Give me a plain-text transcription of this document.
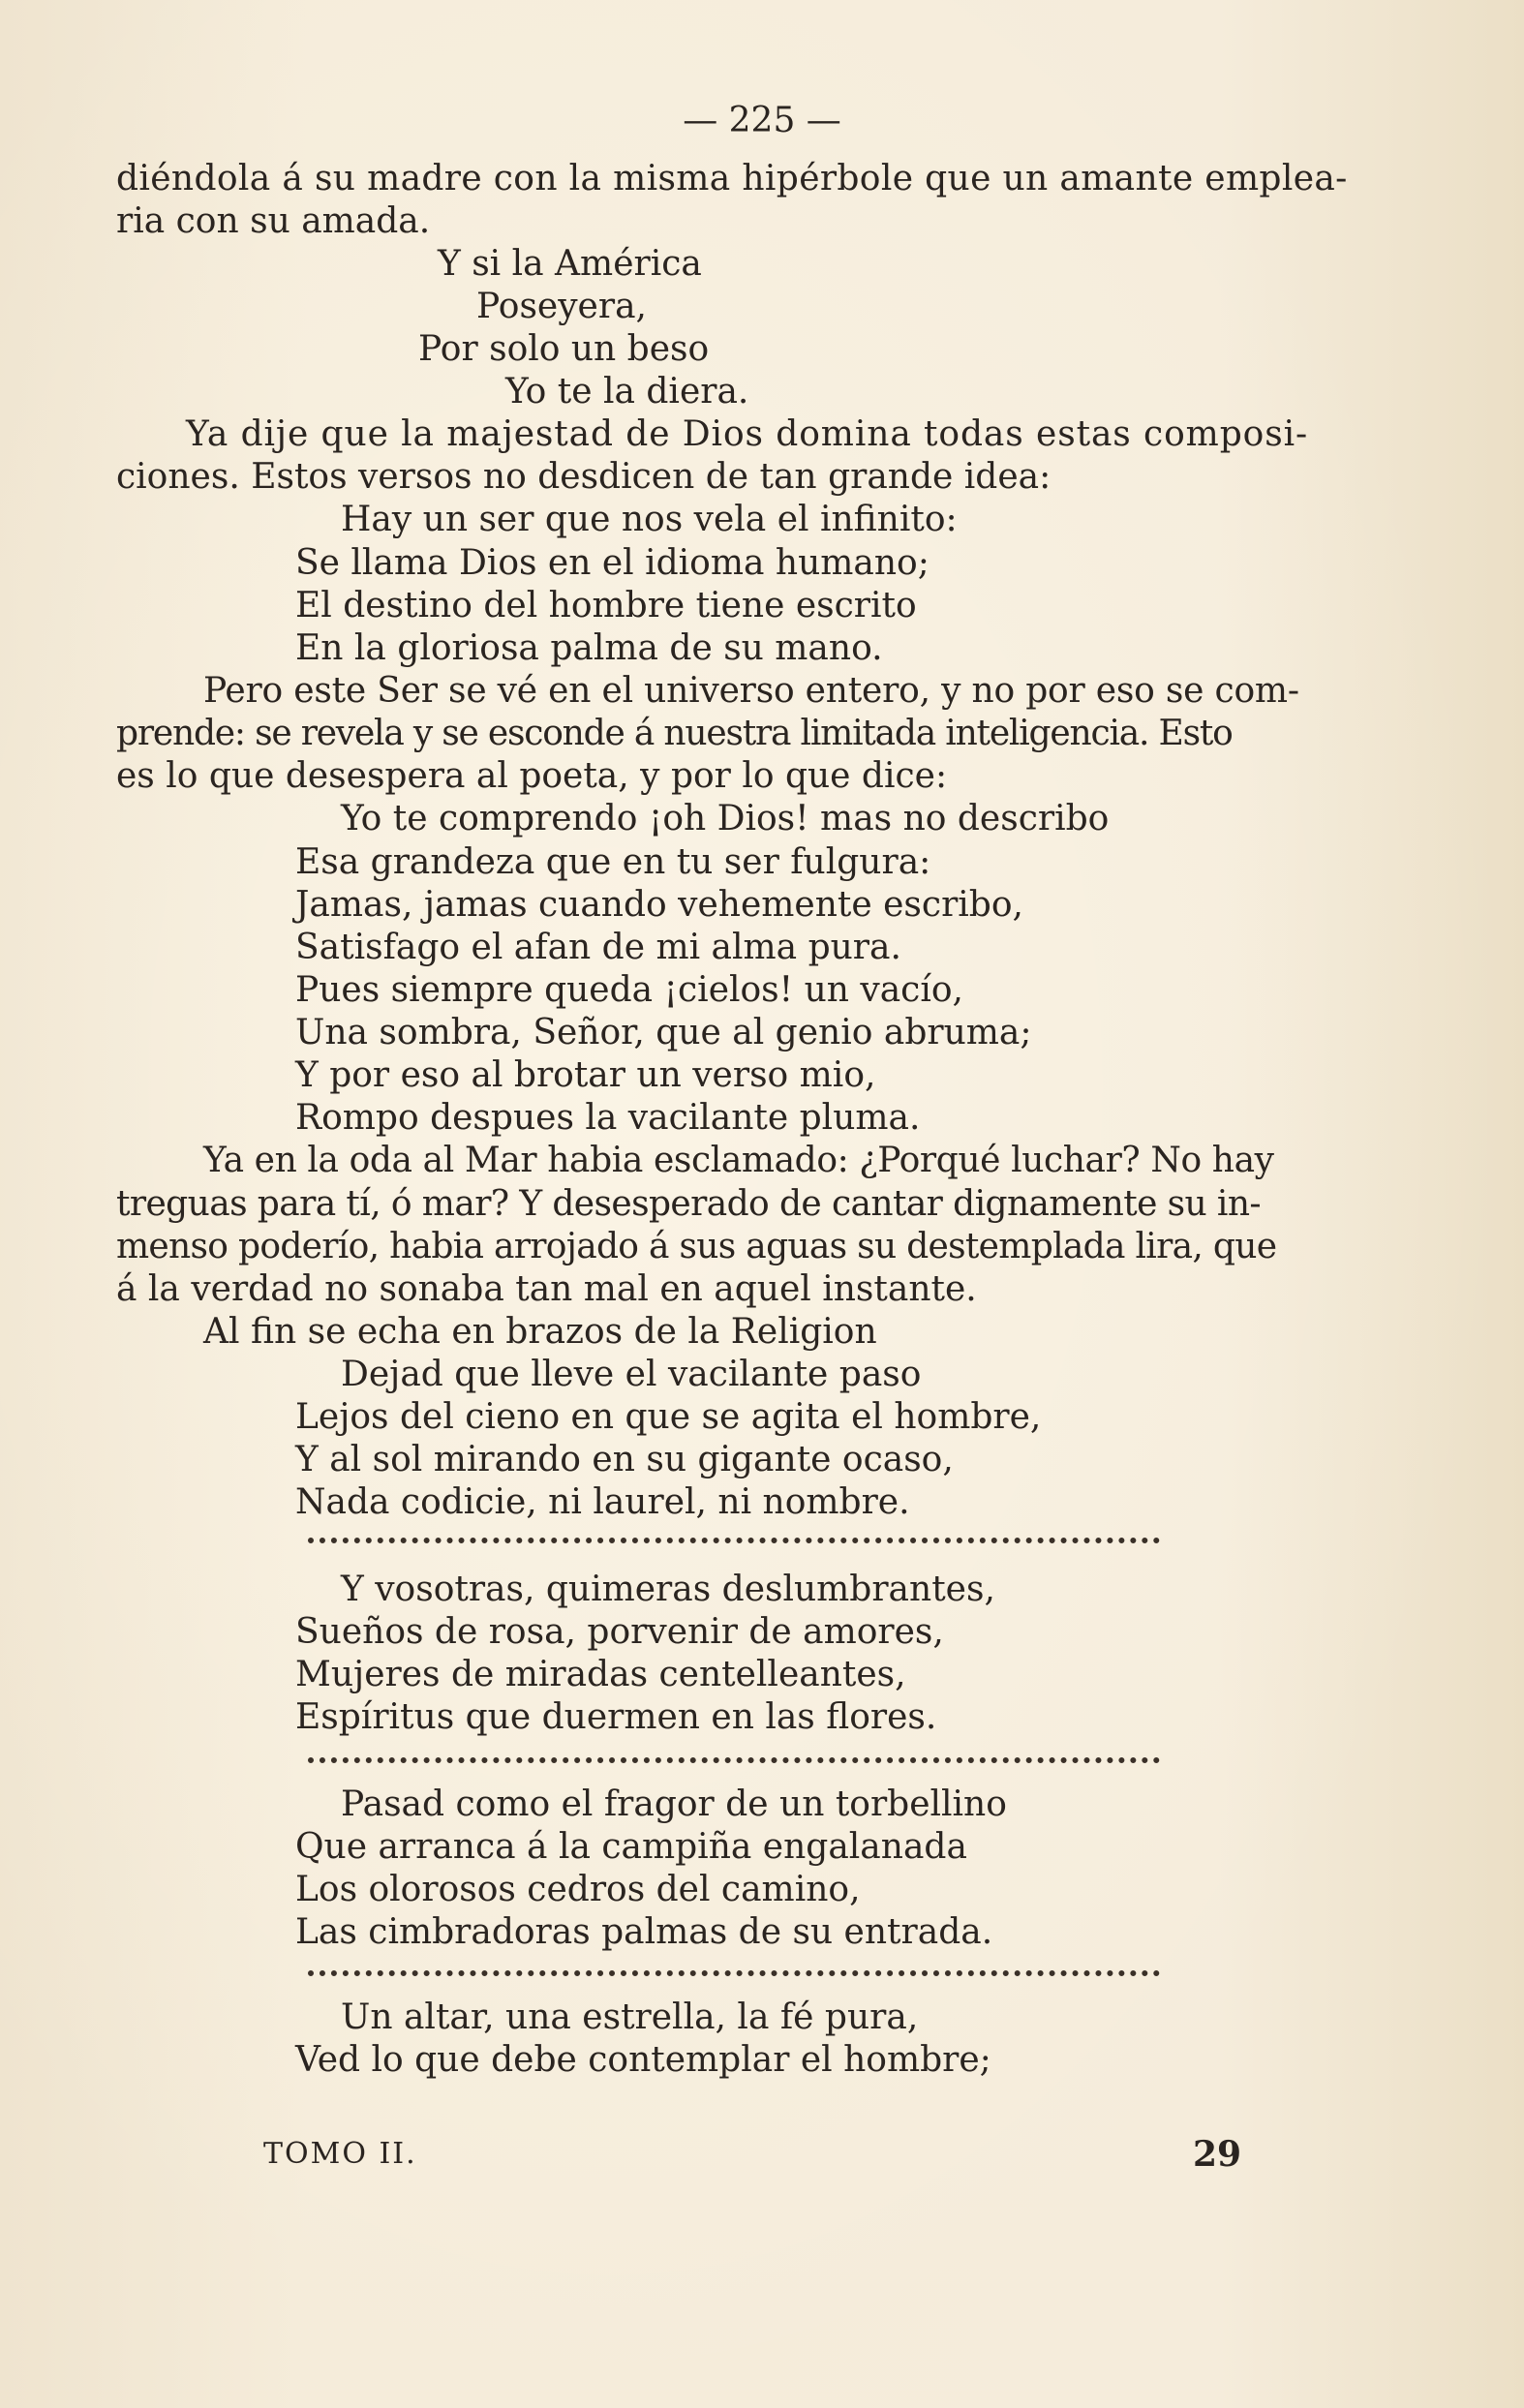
— 225 —
diéndola á su madre con la misma hipérbole que un amante emplea-
ria con su amada.
Y si la América
Poseyera,
Por solo un beso
Yo te la diera.
Ya dije que la majestad de Dios domina todas estas composi-
ciones. Estos versos no desdicen de tan grande idea:
Hay un ser que nos vela el infinito:
Se llama Dios en el idioma humano;
El destino del hombre tiene escrito
En la gloriosa palma de su mano.
Pero este Ser se vé en el universo entero, y no por eso se com-
prende: se revela y se esconde á nuestra limitada inteligencia. Esto
es lo que desespera al poeta, y por lo que dice:
Yo te comprendo ¡oh Dios! mas no describo
Esa grandeza que en tu ser fulgura:
Jamas, jamas cuando vehemente escribo,
Satisfago el afan de mi alma pura.
Pues siempre queda ¡cielos! un vacío,
Una sombra, Señor, que al genio abruma;
Y por eso al brotar un verso mio,
Rompo despues la vacilante pluma.
Ya en la oda al Mar habia esclamado: ¿Porqué luchar? No hay
treguas para tí, ó mar? Y desesperado de cantar dignamente su in-
menso poderío, habia arrojado á sus aguas su destemplada lira, que
á la verdad no sonaba tan mal en aquel instante.
Al fin se echa en brazos de la Religion
Dejad que lleve el vacilante paso
Lejos del cieno en que se agita el hombre,
Y al sol mirando en su gigante ocaso,
Nada codicie, ni laurel, ni nombre.
Y vosotras, quimeras deslumbrantes,
Sueños de rosa, porvenir de amores,
Mujeres de miradas centelleantes,
Espíritus que duermen en las flores.
Pasad como el fragor de un torbellino
Que arranca á la campiña engalanada
Los olorosos cedros del camino,
Las cimbradoras palmas de su entrada.
Un altar, una estrella, la fé pura,
Ved lo que debe contemplar el hombre;
TOMO II.	29
